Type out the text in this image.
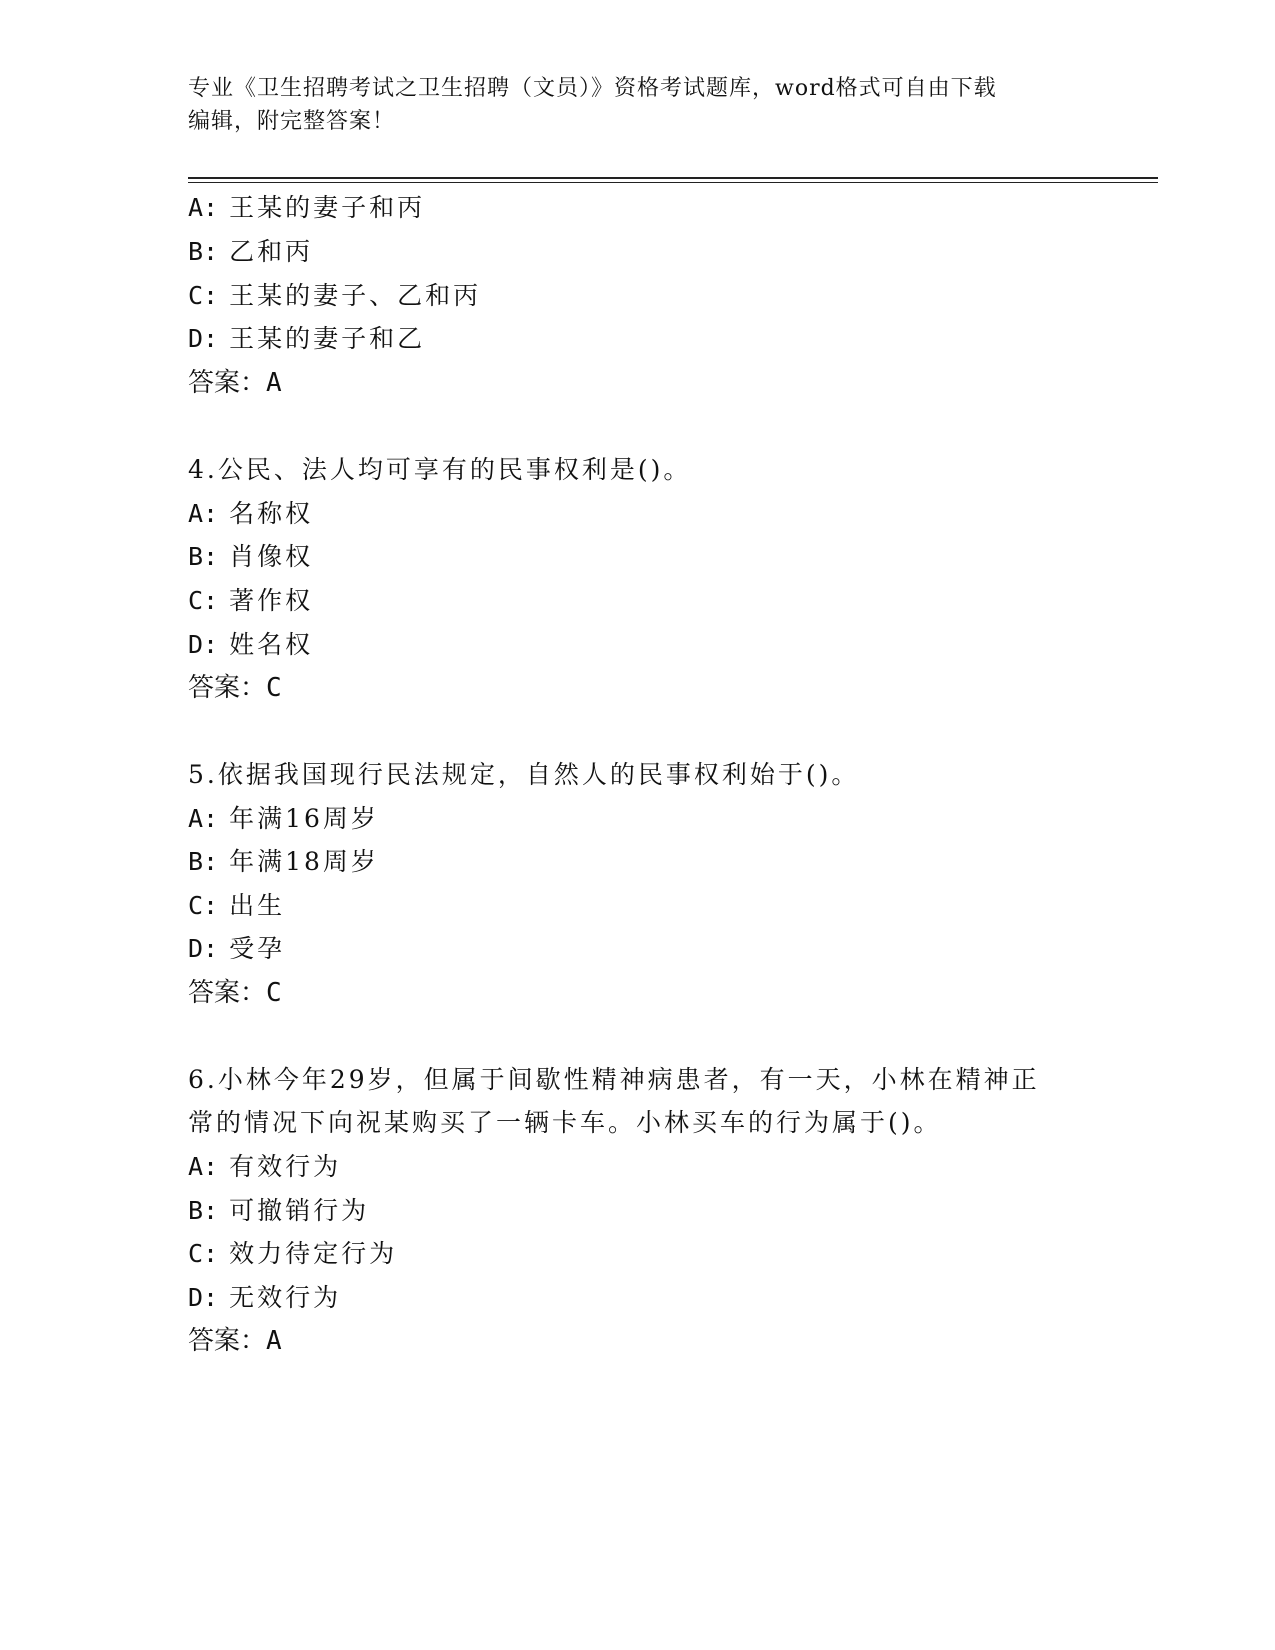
专业《卫生招聘考试之卫生招聘（文员）》资格考试题库，word格式可自由下载
编辑，附完整答案！
A: 王某的妻子和丙
B: 乙和丙
C: 王某的妻子、乙和丙
D: 王某的妻子和乙
答案：A
4.公民、法人均可享有的民事权利是()。
A: 名称权
B: 肖像权
C: 著作权
D: 姓名权
答案：C
5.依据我国现行民法规定，自然人的民事权利始于()。
A: 年满16周岁
B: 年满18周岁
C: 出生
D: 受孕
答案：C
6.小林今年29岁，但属于间歇性精神病患者，有一天，小林在精神正
常的情况下向祝某购买了一辆卡车。小林买车的行为属于()。
A: 有效行为
B: 可撤销行为
C: 效力待定行为
D: 无效行为
答案：A
